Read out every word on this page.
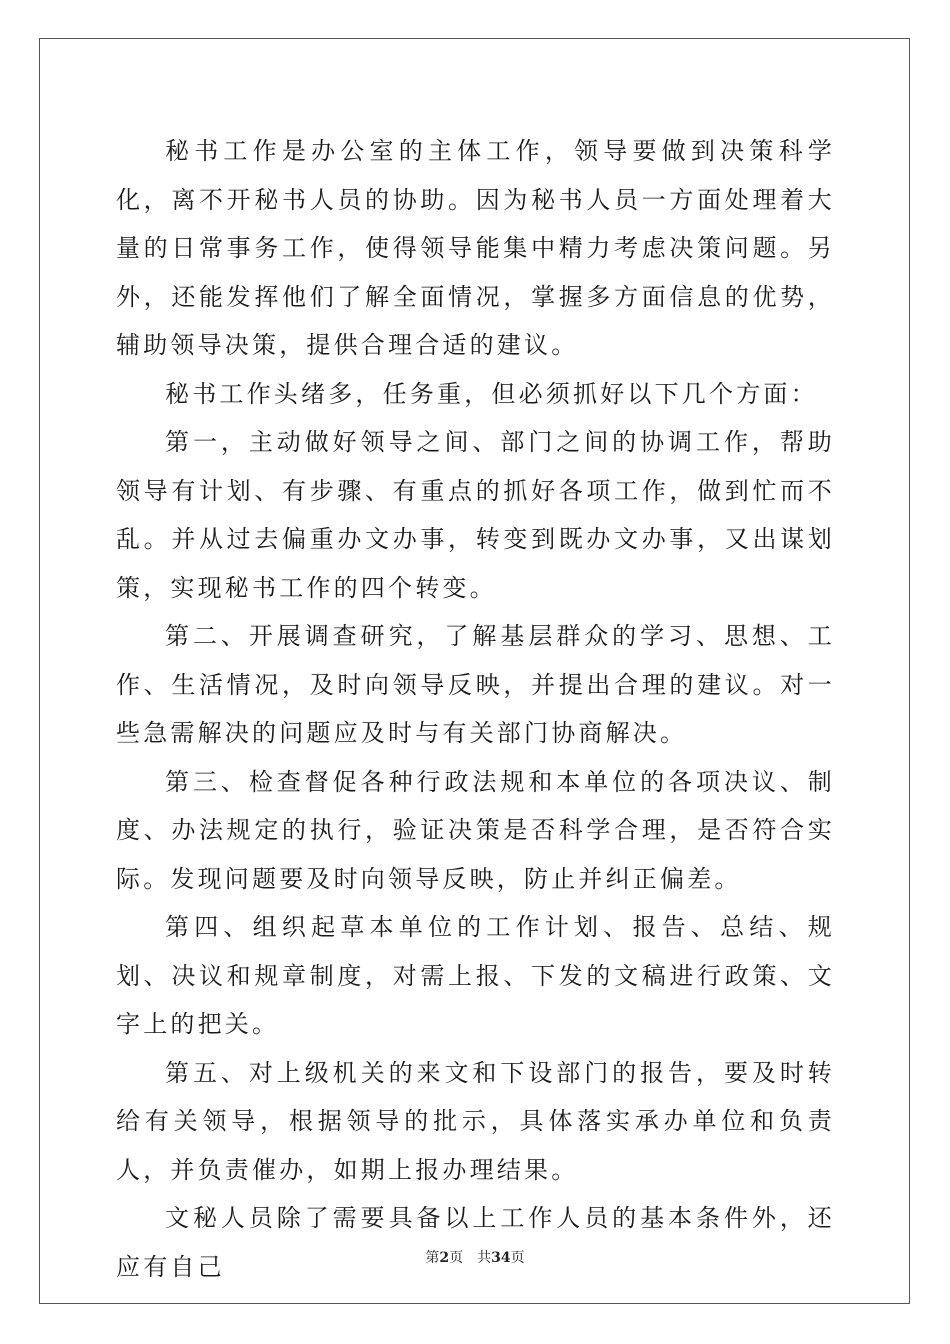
秘书工作是办公室的主体工作，领导要做到决策科学化，离不开秘书人员的协助。因为秘书人员一方面处理着大量的日常事务工作，使得领导能集中精力考虑决策问题。另外，还能发挥他们了解全面情况，掌握多方面信息的优势，辅助领导决策，提供合理合适的建议。

秘书工作头绪多，任务重，但必须抓好以下几个方面：

第一，主动做好领导之间、部门之间的协调工作，帮助领导有计划、有步骤、有重点的抓好各项工作，做到忙而不乱。并从过去偏重办文办事，转变到既办文办事，又出谋划策，实现秘书工作的四个转变。

第二、开展调查研究，了解基层群众的学习、思想、工作、生活情况，及时向领导反映，并提出合理的建议。对一些急需解决的问题应及时与有关部门协商解决。

第三、检查督促各种行政法规和本单位的各项决议、制度、办法规定的执行，验证决策是否科学合理，是否符合实际。发现问题要及时向领导反映，防止并纠正偏差。

第四、组织起草本单位的工作计划、报告、总结、规划、决议和规章制度，对需上报、下发的文稿进行政策、文字上的把关。

第五、对上级机关的来文和下设部门的报告，要及时转给有关领导，根据领导的批示，具体落实承办单位和负责人，并负责催办，如期上报办理结果。

文秘人员除了需要具备以上工作人员的基本条件外，还应有自己	第2页 共34页
